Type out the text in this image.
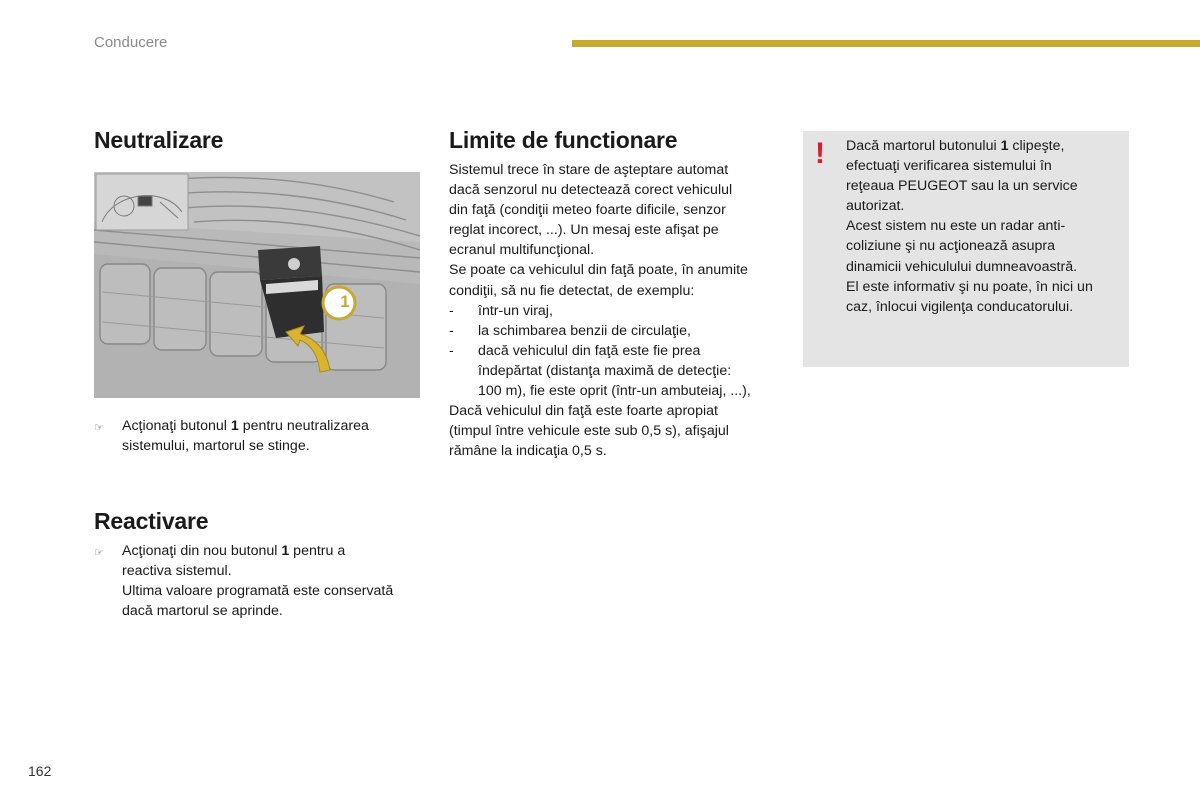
Conducere
Neutralizare
1
☞	Acţionaţi butonul 1 pentru neutralizarea
sistemului, martorul se stinge.
Reactivare
☞	Acţionaţi din nou butonul 1 pentru a
reactiva sistemul.
Ultima valoare programată este conservată
dacă martorul se aprinde.
Limite de functionare

Sistemul trece în stare de aşteptare automat

dacă senzorul nu detectează corect vehiculul

din faţă (condiţii meteo foarte dificile, senzor

reglat incorect, ...). Un mesaj este afişat pe

ecranul multifuncţional.

Se poate ca vehiculul din faţă poate, în anumite

condiţii, să nu fie detectat, de exemplu:

-	într-un viraj,
-	la schimbarea benzii de circulaţie,
-	dacă vehiculul din faţă este fie prea

îndepărtat (distanţa maximă de detecţie:

100 m), fie este oprit (într-un ambuteiaj, ...),

Dacă vehiculul din faţă este foarte apropiat

(timpul între vehicule este sub 0,5 s), afişajul

rămâne la indicaţia 0,5 s.

! Dacă martorul butonului 1 clipeşte,

efectuaţi verificarea sistemului în

reţeaua PEUGEOT sau la un service

autorizat.

Acest sistem nu este un radar anti-

coliziune şi nu acţionează asupra

dinamicii vehiculului dumneavoastră.

El este informativ şi nu poate, în nici un

caz, înlocui vigilenţa conducatorului.

162
